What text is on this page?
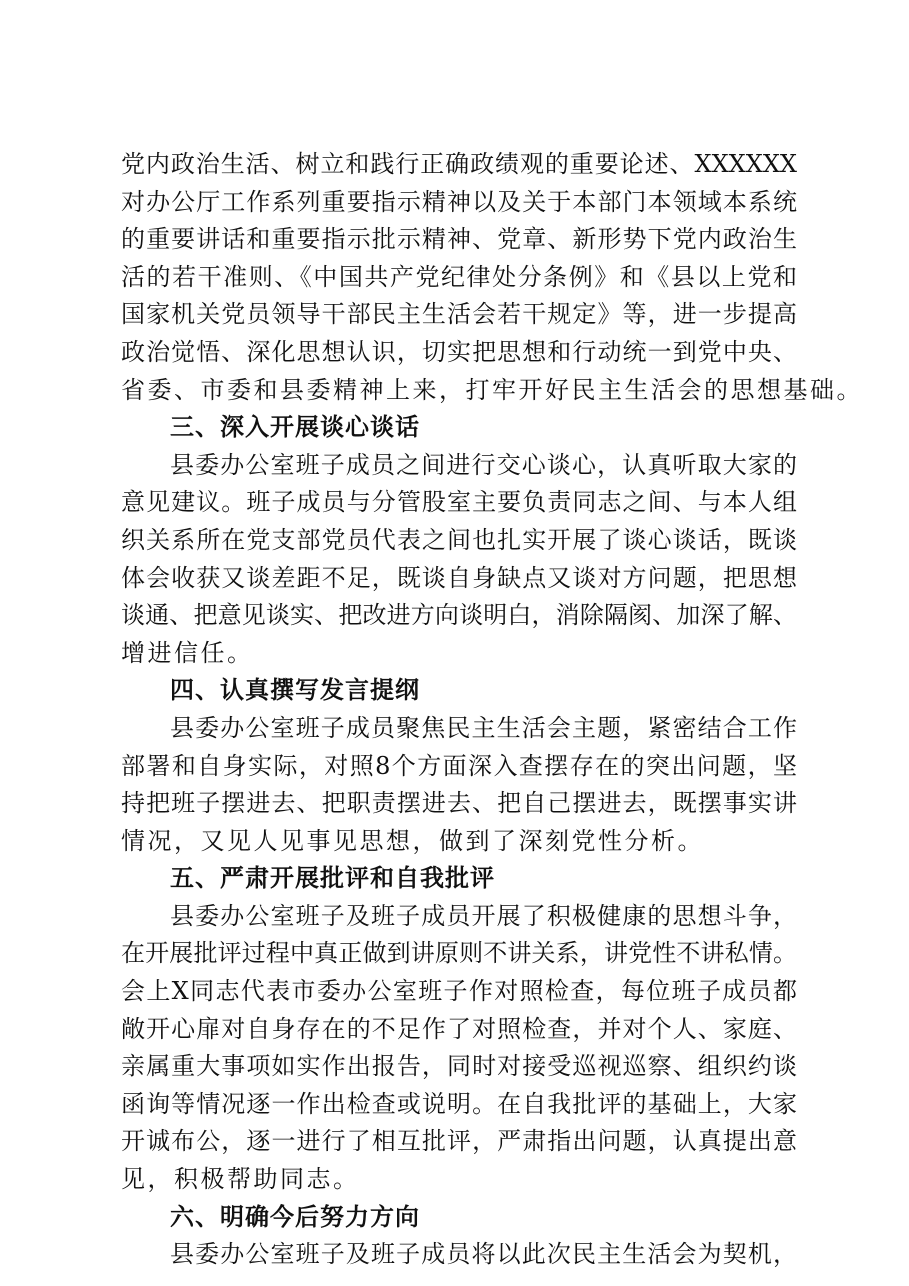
党内政治生活、树立和践行正确政绩观的重要论述、XXXXXX
对办公厅工作系列重要指示精神以及关于本部门本领域本系统
的重要讲话和重要指示批示精神、党章、新形势下党内政治生
活的若干准则、《中国共产党纪律处分条例》和《县以上党和
国家机关党员领导干部民主生活会若干规定》等，进一步提高
政治觉悟、深化思想认识，切实把思想和行动统一到党中央、
省委、市委和县委精神上来，打牢开好民主生活会的思想基础。
三、深入开展谈心谈话
县委办公室班子成员之间进行交心谈心，认真听取大家的
意见建议。班子成员与分管股室主要负责同志之间、与本人组
织关系所在党支部党员代表之间也扎实开展了谈心谈话，既谈
体会收获又谈差距不足，既谈自身缺点又谈对方问题，把思想
谈通、把意见谈实、把改进方向谈明白，消除隔阂、加深了解、
增进信任。
四、认真撰写发言提纲
县委办公室班子成员聚焦民主生活会主题，紧密结合工作
部署和自身实际，对照8个方面深入查摆存在的突出问题，坚
持把班子摆进去、把职责摆进去、把自己摆进去，既摆事实讲
情况，又见人见事见思想，做到了深刻党性分析。
五、严肃开展批评和自我批评
县委办公室班子及班子成员开展了积极健康的思想斗争，
在开展批评过程中真正做到讲原则不讲关系，讲党性不讲私情。
会上X同志代表市委办公室班子作对照检查，每位班子成员都
敞开心扉对自身存在的不足作了对照检查，并对个人、家庭、
亲属重大事项如实作出报告，同时对接受巡视巡察、组织约谈
函询等情况逐一作出检查或说明。在自我批评的基础上，大家
开诚布公，逐一进行了相互批评，严肃指出问题，认真提出意
见，积极帮助同志。
六、明确今后努力方向
县委办公室班子及班子成员将以此次民主生活会为契机，
